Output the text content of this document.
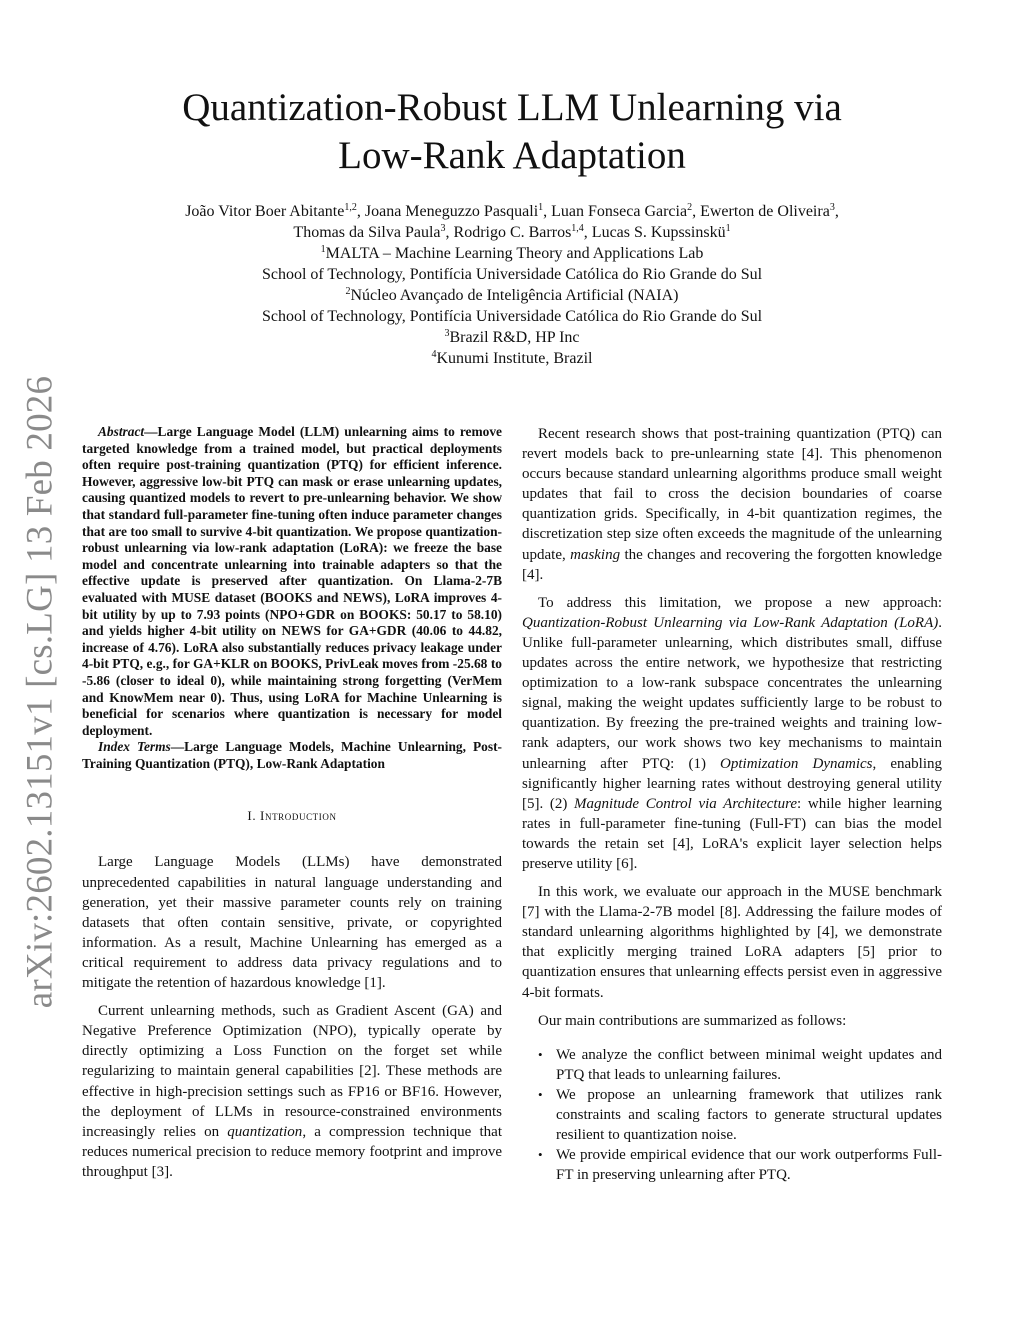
arXiv:2602.13151v1 [cs.LG] 13 Feb 2026
Quantization-Robust LLM Unlearning via
Low-Rank Adaptation

João Vitor Boer Abitante$^{1,2}$, Joana Meneguzzo Pasquali$^1$, Luan Fonseca Garcia$^2$, Ewerton de Oliveira$^3$,

Thomas da Silva Paula$^3$, Rodrigo C. Barros$^{1,4}$, Lucas S. Kupssinskü$^1$

$^1$MALTA – Machine Learning Theory and Applications Lab

School of Technology, Pontifícia Universidade Católica do Rio Grande do Sul

$^2$Núcleo Avançado de Inteligência Artificial (NAIA)

School of Technology, Pontifícia Universidade Católica do Rio Grande do Sul

$^3$Brazil R&D, HP Inc

$^4$Kunumi Institute, Brazil

Abstract—Large Language Model (LLM) unlearning aims to remove targeted knowledge from a trained model, but practical deployments often require post-training quantization (PTQ) for efficient inference. However, aggressive low-bit PTQ can mask or erase unlearning updates, causing quantized models to revert to pre-unlearning behavior. We show that standard full-parameter fine-tuning often induce parameter changes that are too small to survive 4-bit quantization. We propose quantization-robust unlearning via low-rank adaptation (LoRA): we freeze the base model and concentrate unlearning into trainable adapters so that the effective update is preserved after quantization. On Llama-2-7B evaluated with MUSE dataset (BOOKS and NEWS), LoRA improves 4-bit utility by up to 7.93 points (NPO+GDR on BOOKS: 50.17 to 58.10) and yields higher 4-bit utility on NEWS for GA+GDR (40.06 to 44.82, increase of 4.76). LoRA also substantially reduces privacy leakage under 4-bit PTQ, e.g., for GA+KLR on BOOKS, PrivLeak moves from -25.68 to -5.86 (closer to ideal 0), while maintaining strong forgetting (VerMem and KnowMem near 0). Thus, using LoRA for Machine Unlearning is beneficial for scenarios where quantization is necessary for model deployment.

Index Terms—Large Language Models, Machine Unlearning, Post-Training Quantization (PTQ), Low-Rank Adaptation

I. Introduction

Large Language Models (LLMs) have demonstrated unprecedented capabilities in natural language understanding and generation, yet their massive parameter counts rely on training datasets that often contain sensitive, private, or copyrighted information. As a result, Machine Unlearning has emerged as a critical requirement to address data privacy regulations and to mitigate the retention of hazardous knowledge [1].

Current unlearning methods, such as Gradient Ascent (GA) and Negative Preference Optimization (NPO), typically operate by directly optimizing a Loss Function on the forget set while regularizing to maintain general capabilities [2]. These methods are effective in high-precision settings such as FP16 or BF16. However, the deployment of LLMs in resource-constrained environments increasingly relies on quantization, a compression technique that reduces numerical precision to reduce memory footprint and improve throughput [3].

Recent research shows that post-training quantization (PTQ) can revert models back to pre-unlearning state [4]. This phenomenon occurs because standard unlearning algorithms produce small weight updates that fail to cross the decision boundaries of coarse quantization grids. Specifically, in 4-bit quantization regimes, the discretization step size often exceeds the magnitude of the unlearning update, masking the changes and recovering the forgotten knowledge [4].

To address this limitation, we propose a new approach: Quantization-Robust Unlearning via Low-Rank Adaptation (LoRA). Unlike full-parameter unlearning, which distributes small, diffuse updates across the entire network, we hypothesize that restricting optimization to a low-rank subspace concentrates the unlearning signal, making the weight updates sufficiently large to be robust to quantization. By freezing the pre-trained weights and training low-rank adapters, our work shows two key mechanisms to maintain unlearning after PTQ: (1) Optimization Dynamics, enabling significantly higher learning rates without destroying general utility [5]. (2) Magnitude Control via Architecture: while higher learning rates in full-parameter fine-tuning (Full-FT) can bias the model towards the retain set [4], LoRA's explicit layer selection helps preserve utility [6].

In this work, we evaluate our approach in the MUSE benchmark [7] with the Llama-2-7B model [8]. Addressing the failure modes of standard unlearning algorithms highlighted by [4], we demonstrate that explicitly merging trained LoRA adapters [5] prior to quantization ensures that unlearning effects persist even in aggressive 4-bit formats.

Our main contributions are summarized as follows:

• We analyze the conflict between minimal weight updates and PTQ that leads to unlearning failures.
• We propose an unlearning framework that utilizes rank constraints and scaling factors to generate structural updates resilient to quantization noise.
• We provide empirical evidence that our work outperforms Full-FT in preserving unlearning after PTQ.
